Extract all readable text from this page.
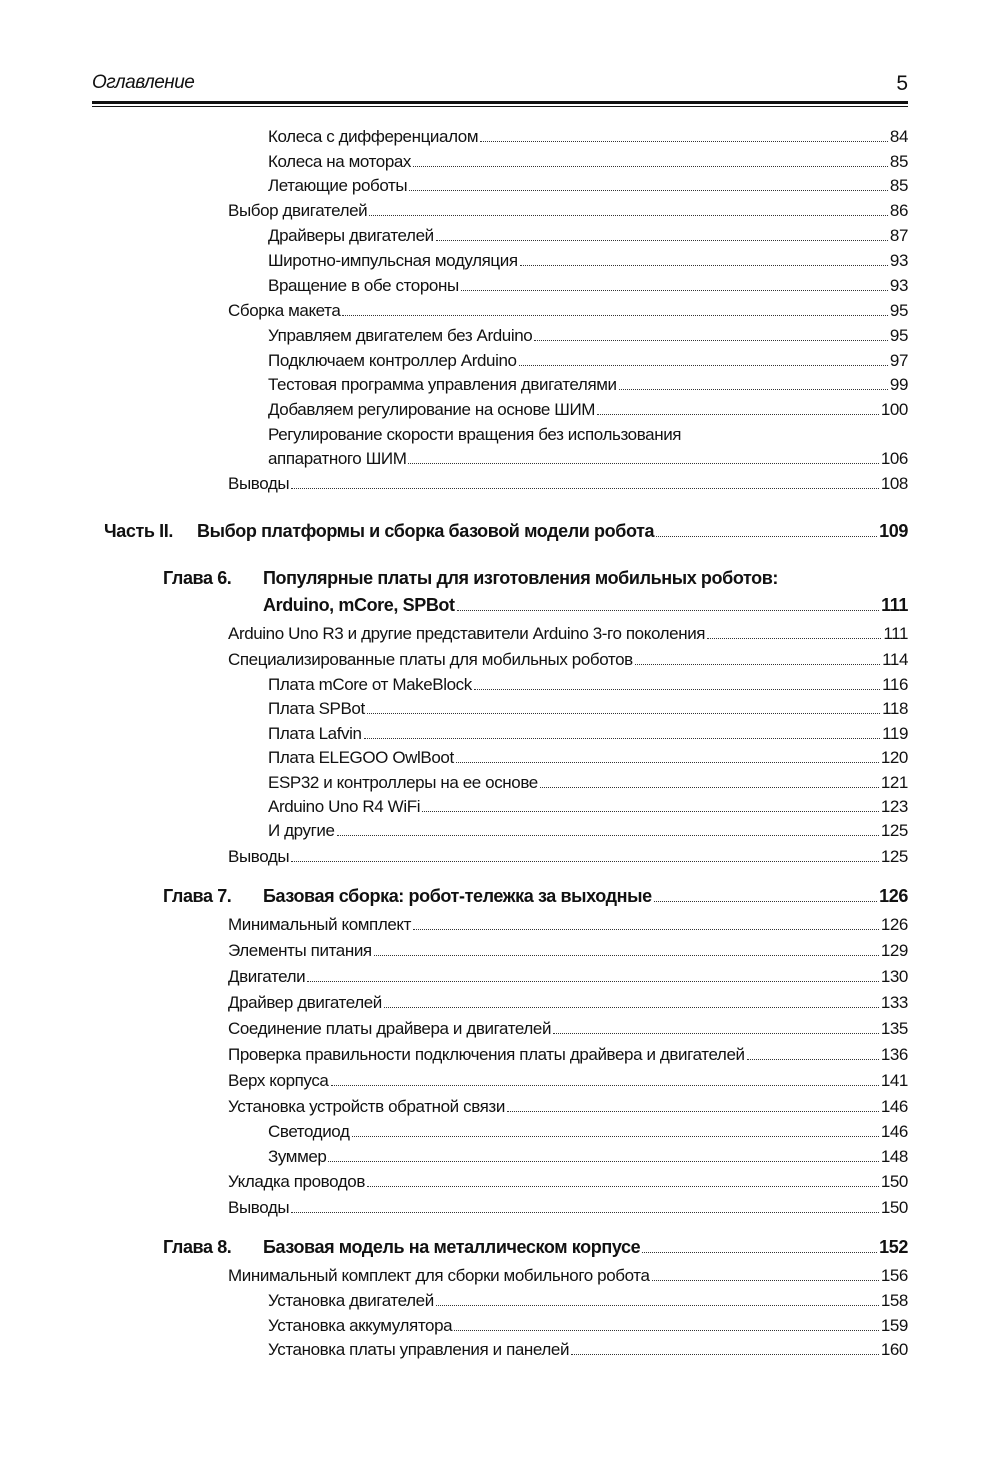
Оглавление	5
Колеса с дифференциалом	84
Колеса на моторах	85
Летающие роботы	85
Выбор двигателей	86
Драйверы двигателей	87
Широтно-импульсная модуляция	93
Вращение в обе стороны	93
Сборка макета	95
Управляем двигателем без Arduino	95
Подключаем контроллер Arduino	97
Тестовая программа управления двигателями	99
Добавляем регулирование на основе ШИМ	100
Регулирование скорости вращения без использования
аппаратного ШИМ	106
Выводы	108
Часть II. Выбор платформы и сборка базовой модели робота	109
Глава 6. Популярные платы для изготовления мобильных роботов:
Arduino, mCore, SPBot	111
Arduino Uno R3 и другие представители Arduino 3-го поколения	111
Специализированные платы для мобильных роботов	114
Плата mCore от MakeBlock	116
Плата SPBot	118
Плата Lafvin	119
Плата ELEGOO OwlBoot	120
ESP32 и контроллеры на ее основе	121
Arduino Uno R4 WiFi	123
И другие	125
Выводы	125
Глава 7. Базовая сборка: робот-тележка за выходные	126
Минимальный комплект	126
Элементы питания	129
Двигатели	130
Драйвер двигателей	133
Соединение платы драйвера и двигателей	135
Проверка правильности подключения платы драйвера и двигателей	136
Верх корпуса	141
Установка устройств обратной связи	146
Светодиод	146
Зуммер	148
Укладка проводов	150
Выводы	150
Глава 8. Базовая модель на металлическом корпусе	152
Минимальный комплект для сборки мобильного робота	156
Установка двигателей	158
Установка аккумулятора	159
Установка платы управления и панелей	160
